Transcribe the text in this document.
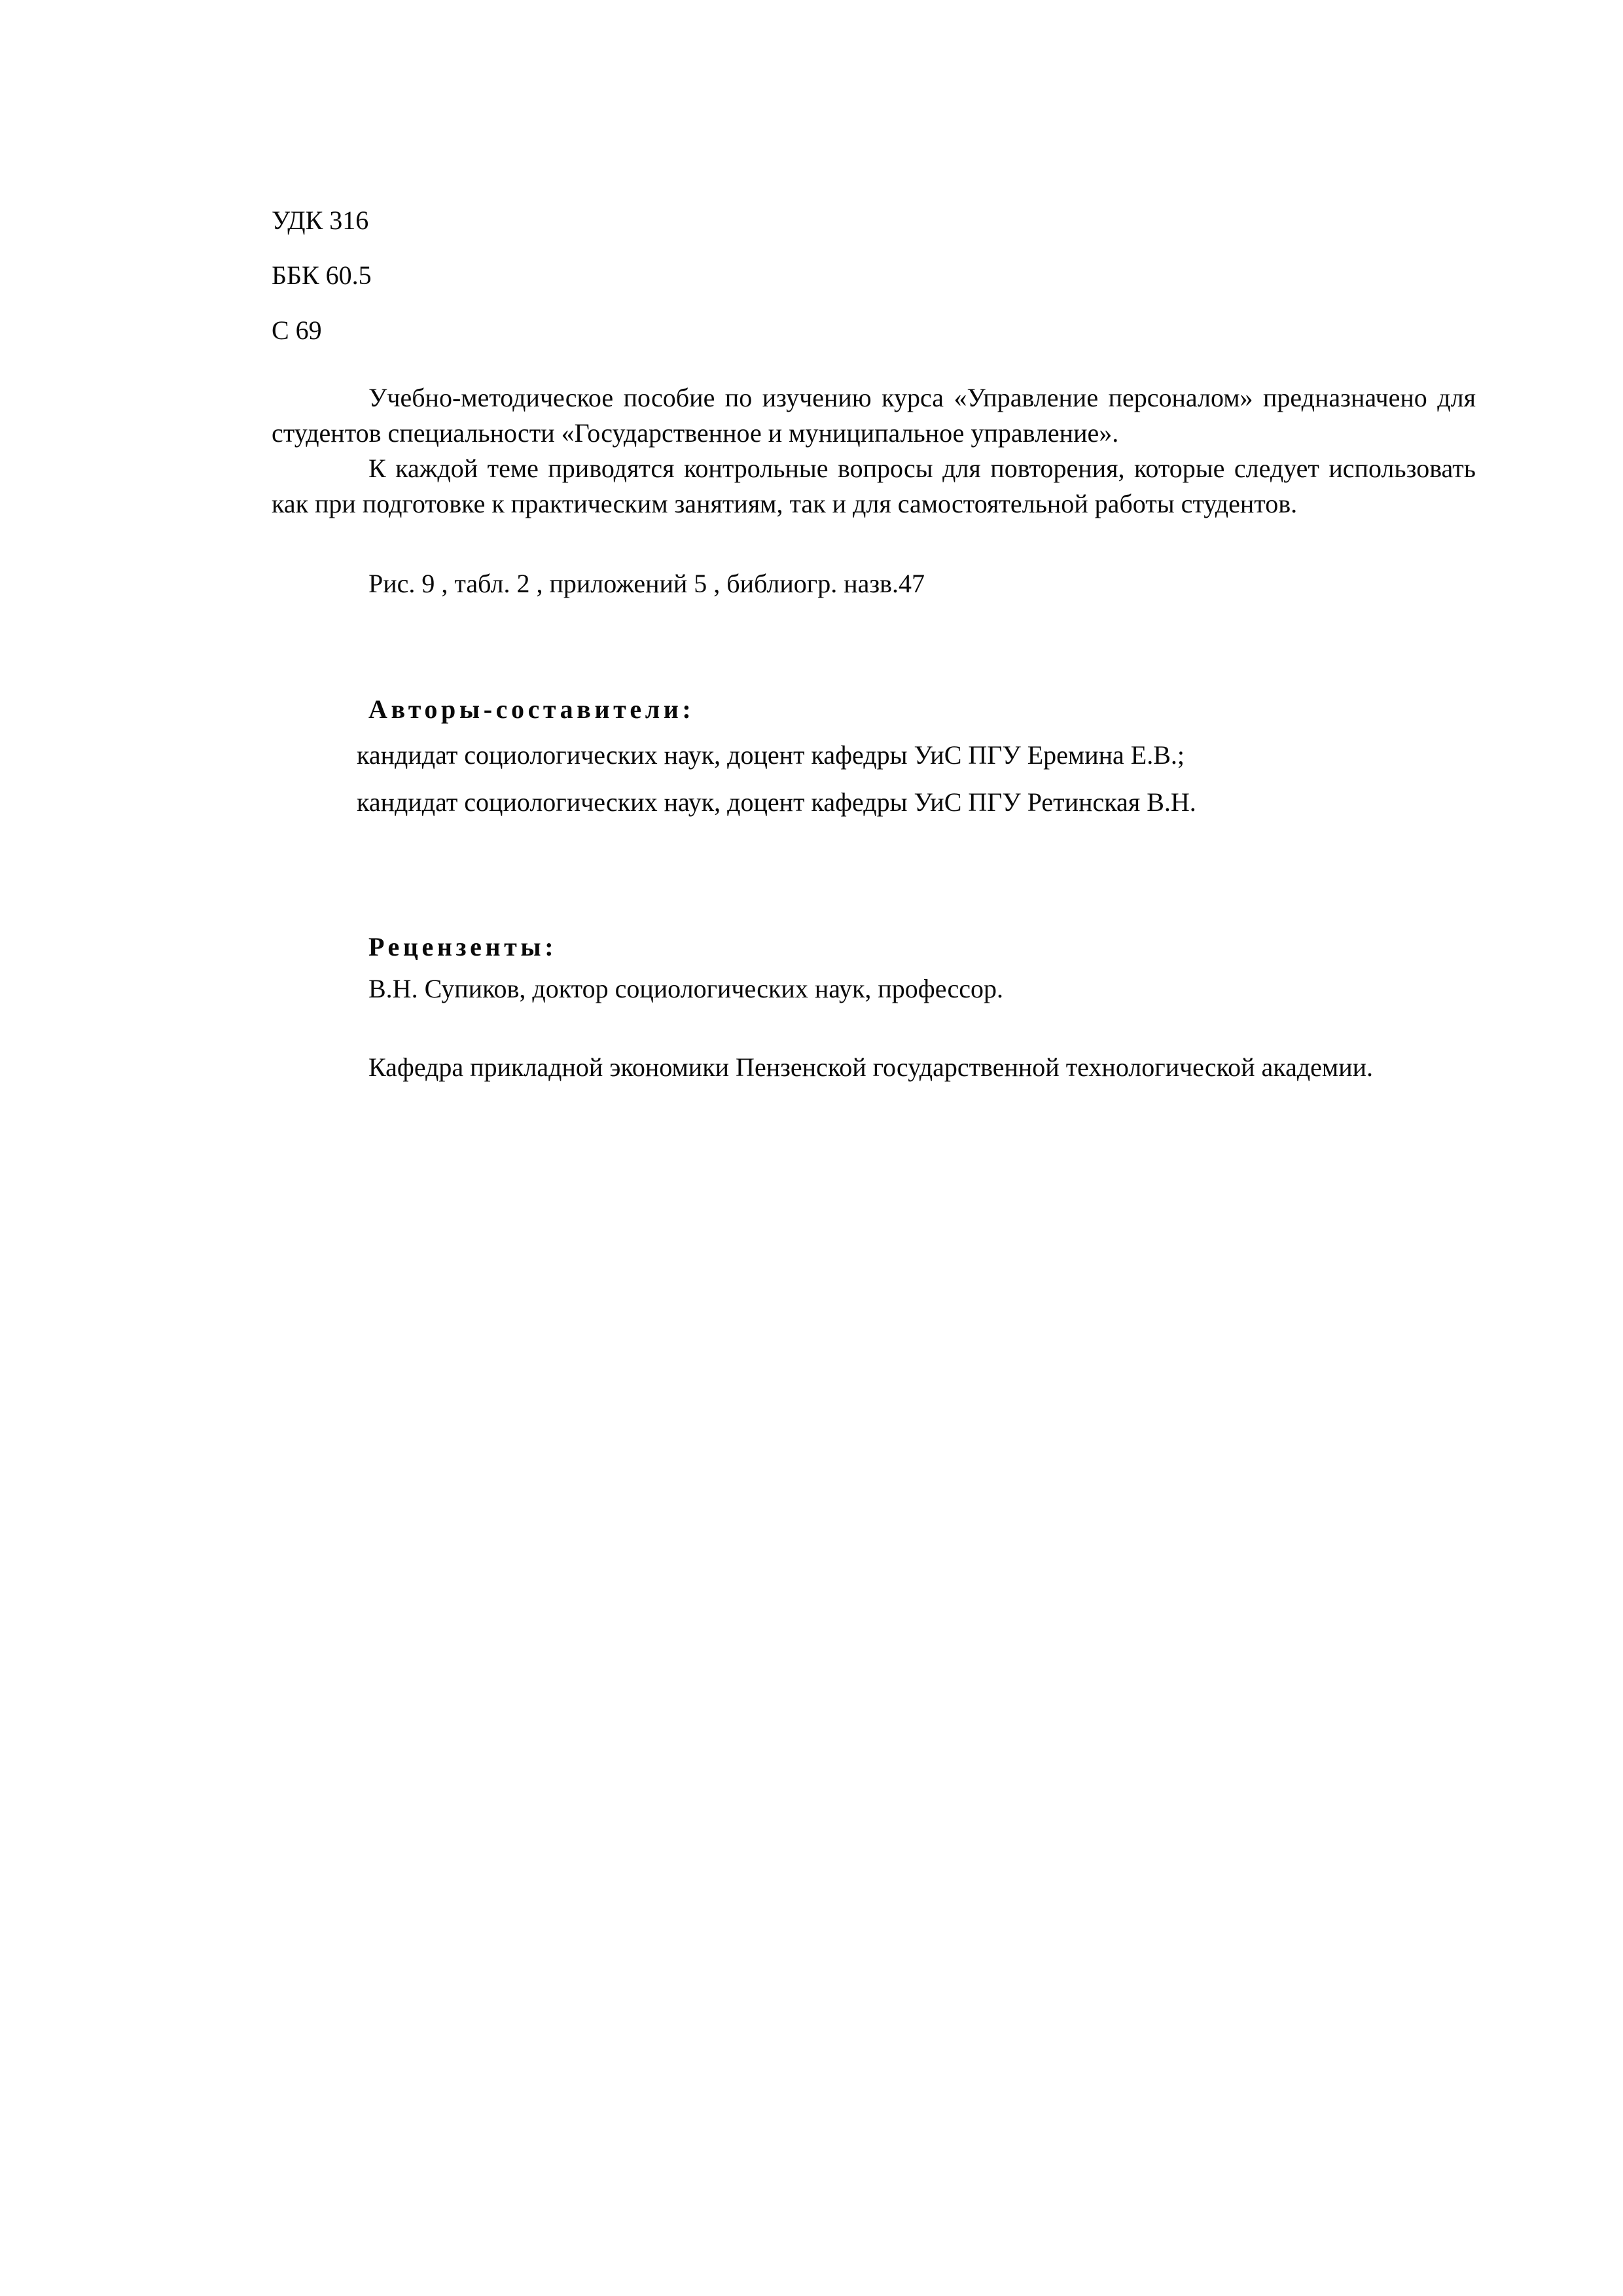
УДК 316
ББК 60.5
С 69

Учебно-методическое пособие по изучению курса «Управление персоналом» предназначено для студентов специальности «Государственное и муниципальное управление».

К каждой теме приводятся контрольные вопросы для повторения, которые следует использовать как при подготовке к практическим занятиям, так и для самостоятельной работы студентов.

Рис. 9 , табл. 2 , приложений 5 , библиогр. назв.47

Авторы-составители:

кандидат социологических наук, доцент кафедры УиС ПГУ Еремина Е.В.;

кандидат социологических наук, доцент кафедры УиС ПГУ Ретинская В.Н.

Рецензенты:

В.Н. Супиков, доктор социологических наук, профессор.

Кафедра прикладной экономики Пензенской государственной технологической академии.
